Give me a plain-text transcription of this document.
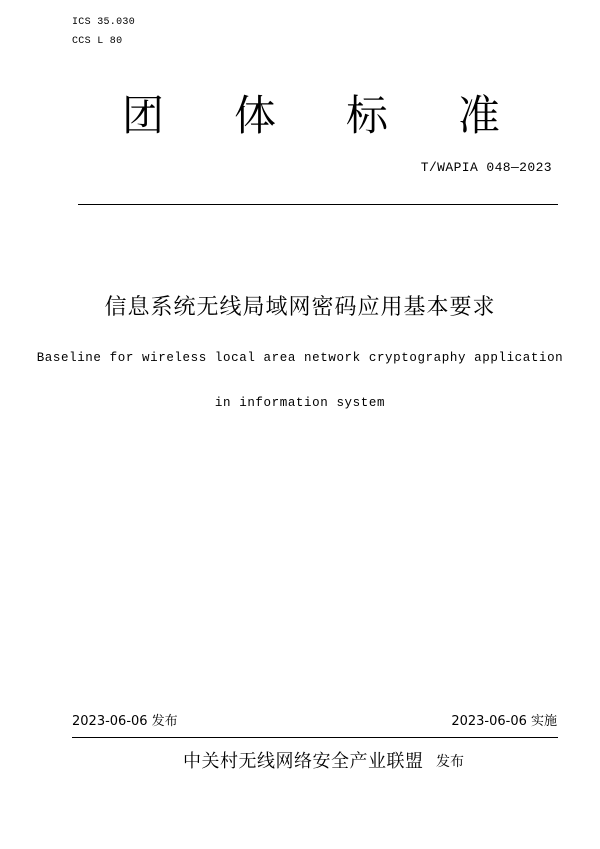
ICS 35.030
CCS L 80
团 体 标 准
T/WAPIA 048—2023
信息系统无线局域网密码应用基本要求
Baseline for wireless local area network cryptography application
in information system
2023-06-06 发布	2023-06-06 实施
中关村无线网络安全产业联盟 发布
